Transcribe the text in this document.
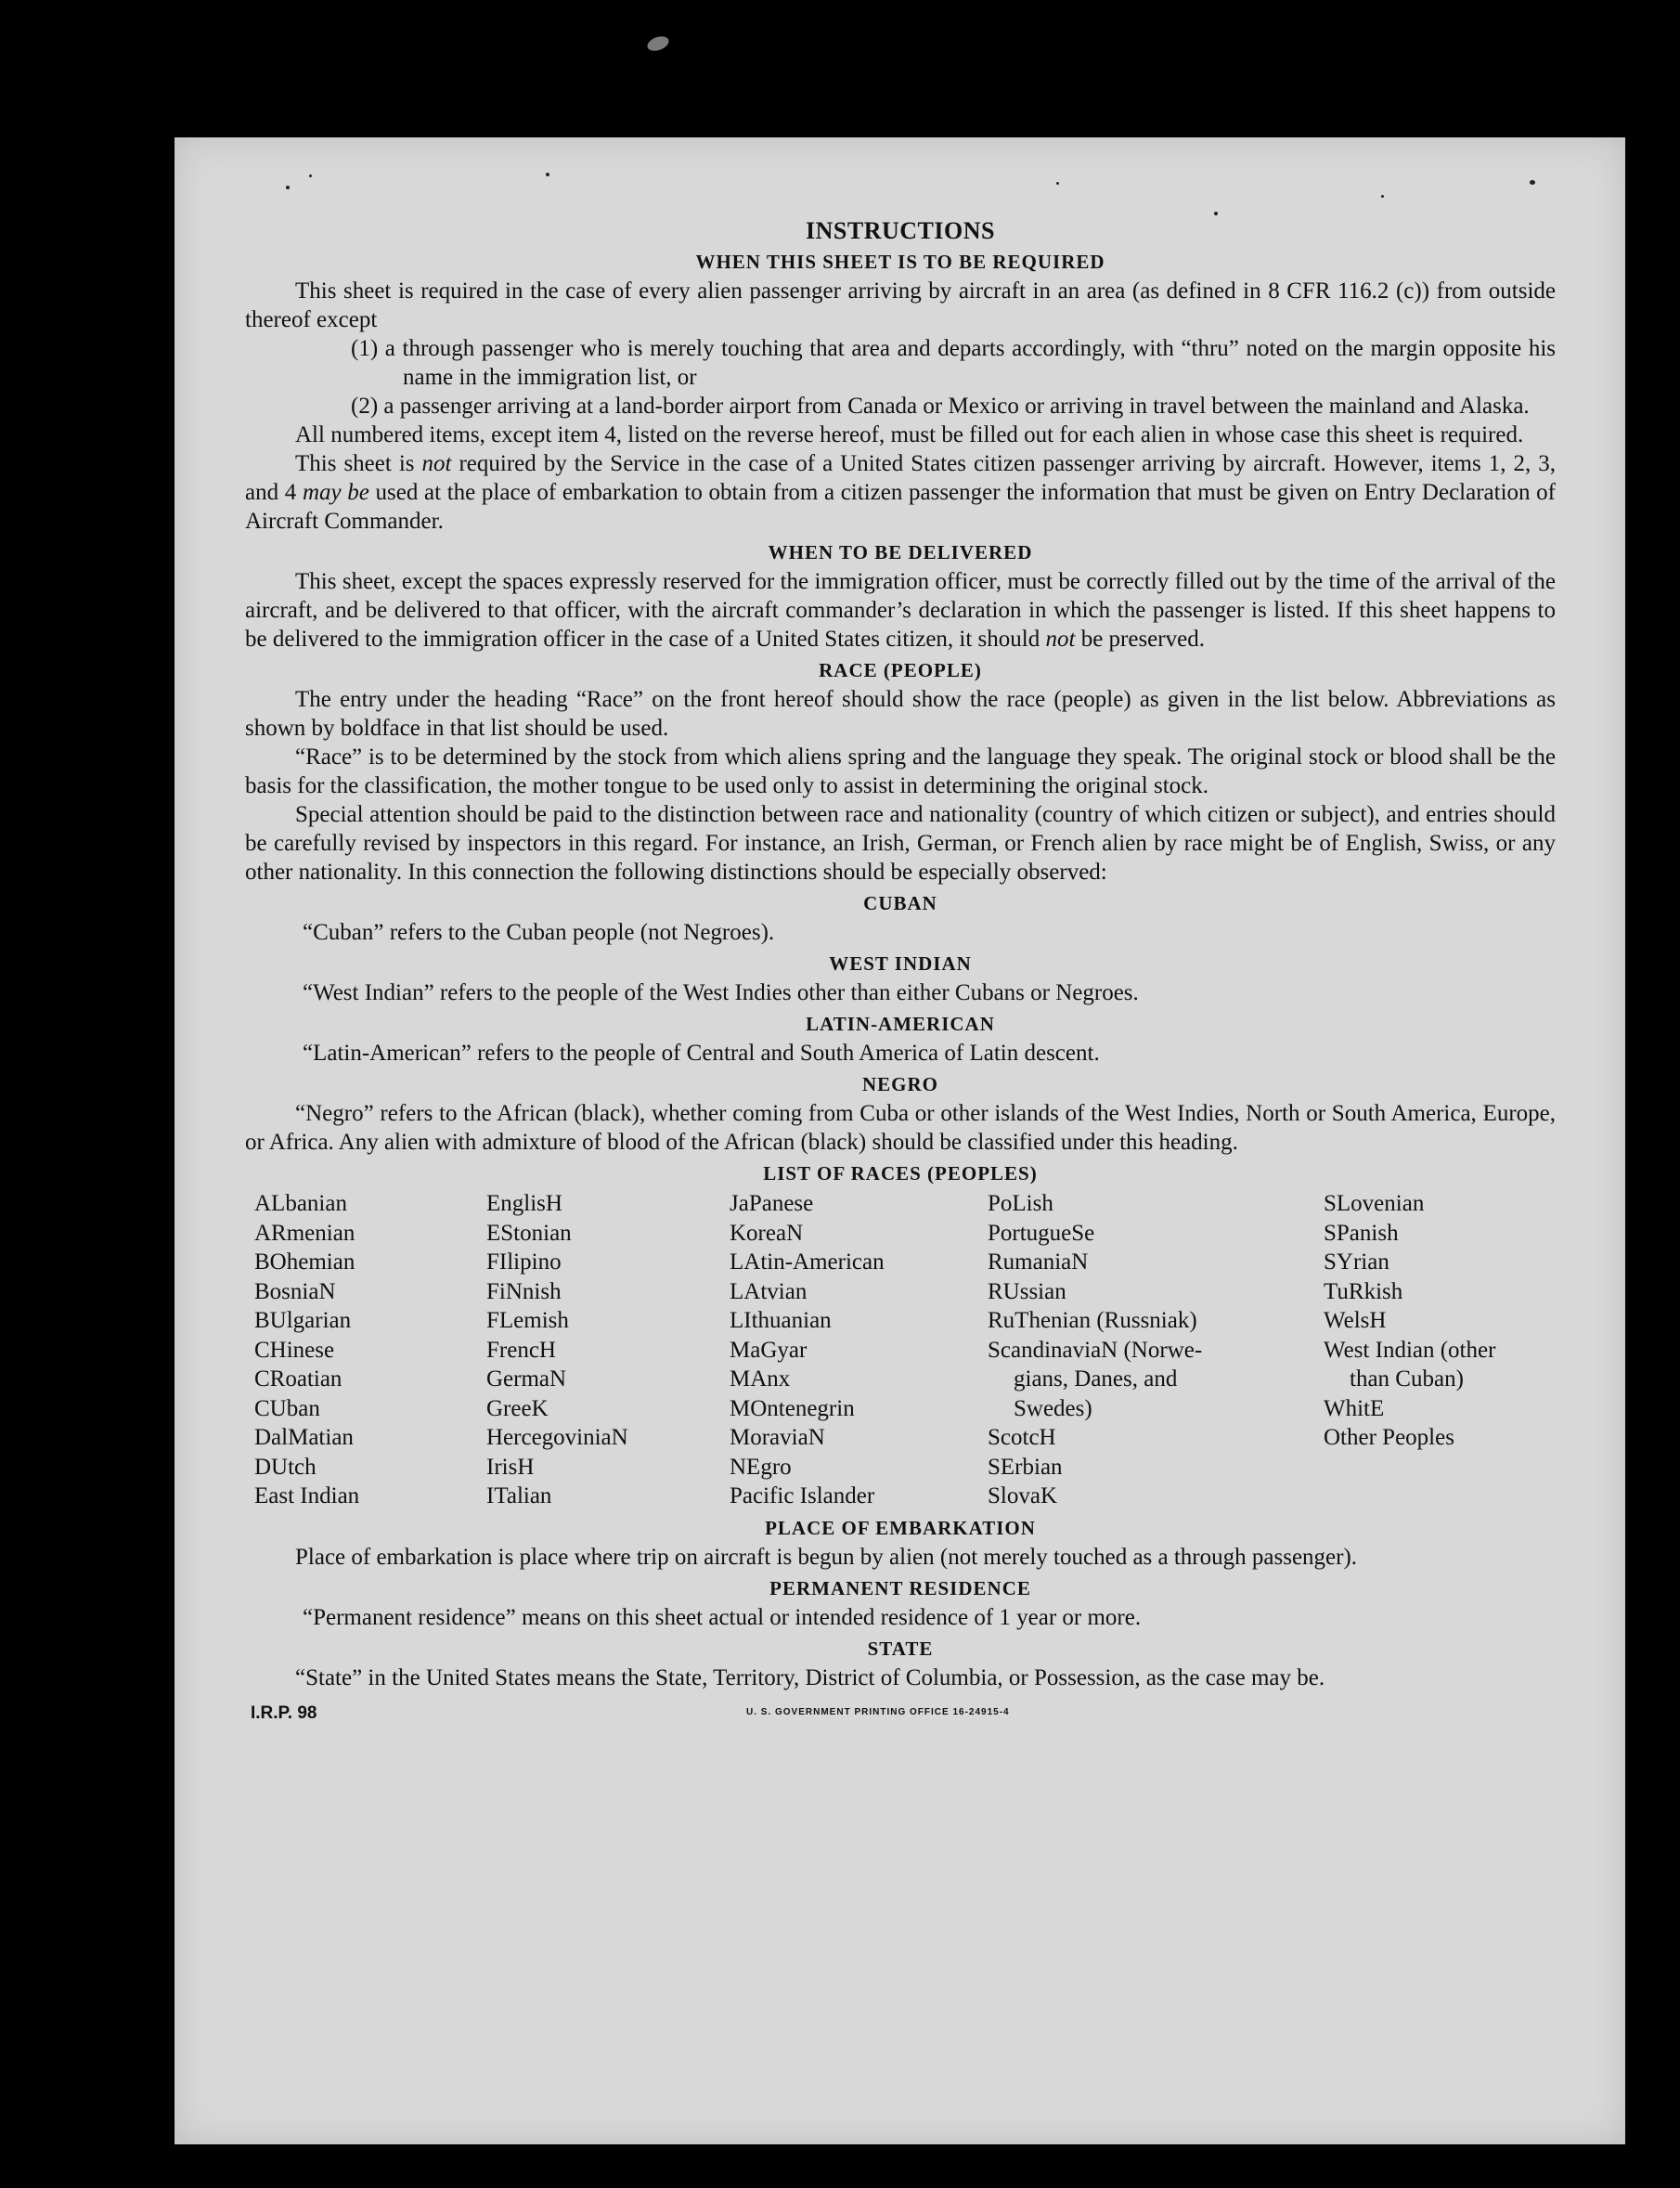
INSTRUCTIONS
WHEN THIS SHEET IS TO BE REQUIRED

This sheet is required in the case of every alien passenger arriving by aircraft in an area (as defined in 8 CFR 116.2 (c)) from outside thereof except

(1) a through passenger who is merely touching that area and departs accordingly, with “thru” noted on the margin opposite his name in the immigration list, or

(2) a passenger arriving at a land-border airport from Canada or Mexico or arriving in travel between the mainland and Alaska.

All numbered items, except item 4, listed on the reverse hereof, must be filled out for each alien in whose case this sheet is required.

This sheet is not required by the Service in the case of a United States citizen passenger arriving by aircraft. However, items 1, 2, 3, and 4 may be used at the place of embarkation to obtain from a citizen passenger the information that must be given on Entry Declaration of Aircraft Commander.

WHEN TO BE DELIVERED

This sheet, except the spaces expressly reserved for the immigration officer, must be correctly filled out by the time of the arrival of the aircraft, and be delivered to that officer, with the aircraft commander’s declaration in which the passenger is listed. If this sheet happens to be delivered to the immigration officer in the case of a United States citizen, it should not be preserved.

RACE (PEOPLE)

The entry under the heading “Race” on the front hereof should show the race (people) as given in the list below. Abbreviations as shown by boldface in that list should be used.

“Race” is to be determined by the stock from which aliens spring and the language they speak. The original stock or blood shall be the basis for the classification, the mother tongue to be used only to assist in determining the original stock.

Special attention should be paid to the distinction between race and nationality (country of which citizen or subject), and entries should be carefully revised by inspectors in this regard. For instance, an Irish, German, or French alien by race might be of English, Swiss, or any other nationality. In this connection the following distinctions should be especially observed:

CUBAN

“Cuban” refers to the Cuban people (not Negroes).

WEST INDIAN

“West Indian” refers to the people of the West Indies other than either Cubans or Negroes.

LATIN-AMERICAN

“Latin-American” refers to the people of Central and South America of Latin descent.

NEGRO

“Negro” refers to the African (black), whether coming from Cuba or other islands of the West Indies, North or South America, Europe, or Africa. Any alien with admixture of blood of the African (black) should be classified under this heading.

LIST OF RACES (PEOPLES)
ALbanian
ARmenian
BOhemian
BosniaN
BUlgarian
CHinese
CRoatian
CUban
DalMatian
DUtch
East Indian
EnglisH
EStonian
FIlipino
FiNnish
FLemish
FrencH
GermaN
GreeK
HercegoviniaN
IrisH
ITalian
JaPanese
KoreaN
LAtin-American
LAtvian
LIthuanian
MaGyar
MAnx
MOntenegrin
MoraviaN
NEgro
Pacific Islander
PoLish
PortugueSe
RumaniaN
RUssian
RuThenian (Russniak)
ScandinaviaN (Norwe-
gians, Danes, and
Swedes)
ScotcH
SErbian
SlovaK
SLovenian
SPanish
SYrian
TuRkish
WelsH
West Indian (other
than Cuban)
WhitE
Other Peoples
PLACE OF EMBARKATION

Place of embarkation is place where trip on aircraft is begun by alien (not merely touched as a through passenger).

PERMANENT RESIDENCE

“Permanent residence” means on this sheet actual or intended residence of 1 year or more.

STATE

“State” in the United States means the State, Territory, District of Columbia, or Possession, as the case may be.

I.R.P. 98	U. S. GOVERNMENT PRINTING OFFICE 16-24915-4
